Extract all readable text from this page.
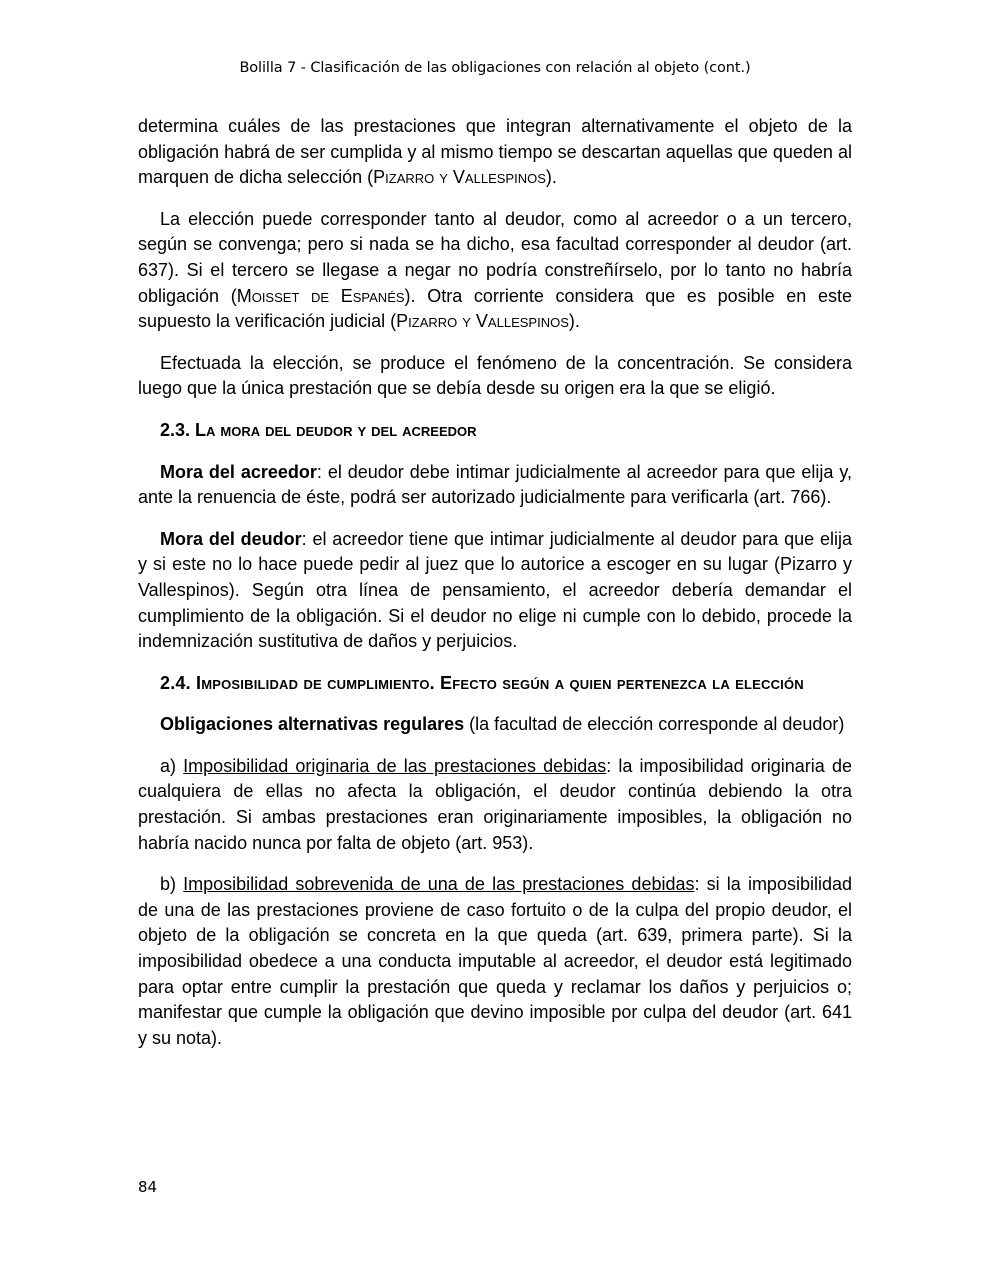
Bolilla 7 - Clasificación de las obligaciones con relación al objeto (cont.)

determina cuáles de las prestaciones que integran alternativamente el objeto de la obligación habrá de ser cumplida y al mismo tiempo se descartan aquellas que queden al marquen de dicha selección (Pizarro y Vallespinos).

La elección puede corresponder tanto al deudor, como al acreedor o a un tercero, según se convenga; pero si nada se ha dicho, esa facultad corresponder al deudor (art. 637). Si el tercero se llegase a negar no podría constreñírselo, por lo tanto no habría obligación (Moisset de Espanés). Otra corriente considera que es posible en este supuesto la verificación judicial (Pizarro y Vallespinos).

Efectuada la elección, se produce el fenómeno de la concentración. Se considera luego que la única prestación que se debía desde su origen era la que se eligió.

2.3. La mora del deudor y del acreedor

Mora del acreedor: el deudor debe intimar judicialmente al acreedor para que elija y, ante la renuencia de éste, podrá ser autorizado judicialmente para verificarla (art. 766).

Mora del deudor: el acreedor tiene que intimar judicialmente al deudor para que elija y si este no lo hace puede pedir al juez que lo autorice a escoger en su lugar (Pizarro y Vallespinos). Según otra línea de pensamiento, el acreedor debería demandar el cumplimiento de la obligación. Si el deudor no elige ni cumple con lo debido, procede la indemnización sustitutiva de daños y perjuicios.

2.4. Imposibilidad de cumplimiento. Efecto según a quien pertenezca la elección

Obligaciones alternativas regulares (la facultad de elección corresponde al deudor)

a) Imposibilidad originaria de las prestaciones debidas: la imposibilidad originaria de cualquiera de ellas no afecta la obligación, el deudor continúa debiendo la otra prestación. Si ambas prestaciones eran originariamente imposibles, la obligación no habría nacido nunca por falta de objeto (art. 953).

b) Imposibilidad sobrevenida de una de las prestaciones debidas: si la imposibilidad de una de las prestaciones proviene de caso fortuito o de la culpa del propio deudor, el objeto de la obligación se concreta en la que queda (art. 639, primera parte). Si la imposibilidad obedece a una conducta imputable al acreedor, el deudor está legitimado para optar entre cumplir la prestación que queda y reclamar los daños y perjuicios o; manifestar que cumple la obligación que devino imposible por culpa del deudor (art. 641 y su nota).

84
